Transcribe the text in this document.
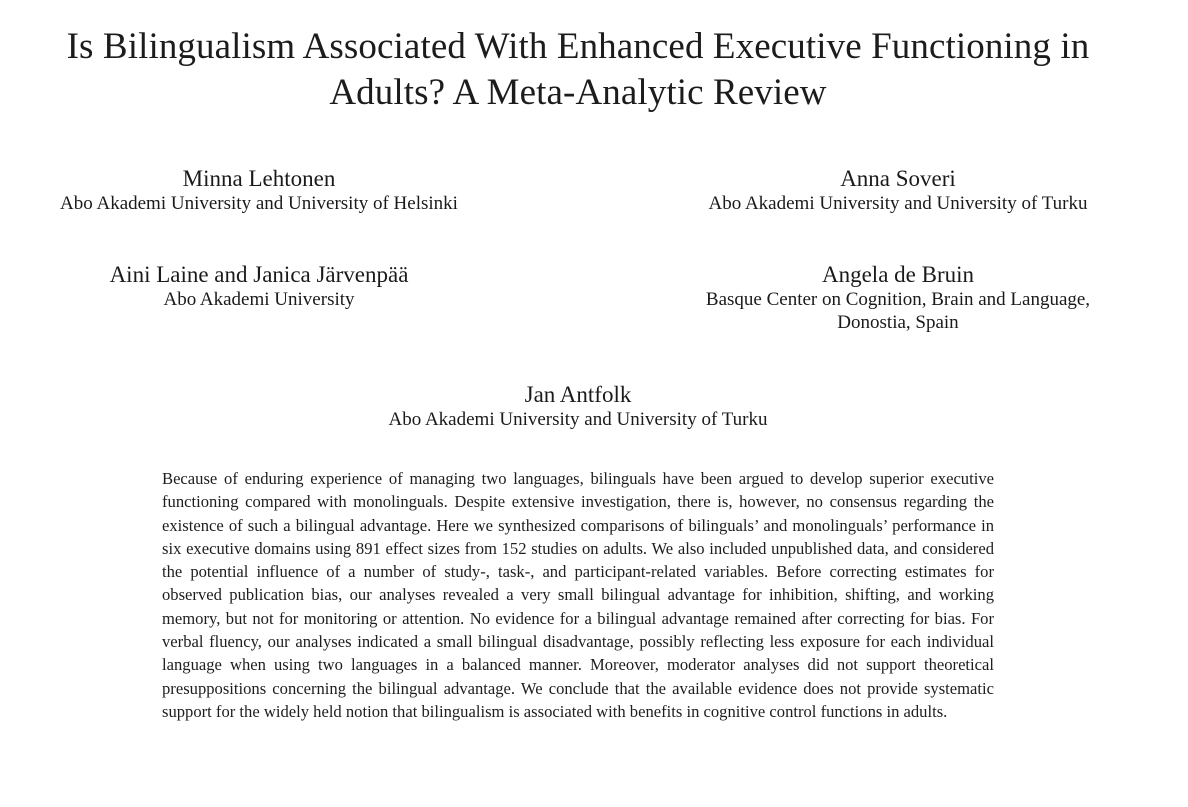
Is Bilingualism Associated With Enhanced Executive Functioning in
Adults? A Meta-Analytic Review
Minna Lehtonen
Abo Akademi University and University of Helsinki
Anna Soveri
Abo Akademi University and University of Turku
Aini Laine and Janica Järvenpää
Abo Akademi University
Angela de Bruin
Basque Center on Cognition, Brain and Language,
Donostia, Spain
Jan Antfolk
Abo Akademi University and University of Turku

Because of enduring experience of managing two languages, bilinguals have been argued to develop superior executive functioning compared with monolinguals. Despite extensive investigation, there is, however, no consensus regarding the existence of such a bilingual advantage. Here we synthesized comparisons of bilinguals’ and monolinguals’ performance in six executive domains using 891 effect sizes from 152 studies on adults. We also included unpublished data, and considered the potential influence of a number of study-, task-, and participant-related variables. Before correcting estimates for observed publication bias, our analyses revealed a very small bilingual advantage for inhibition, shifting, and working memory, but not for monitoring or attention. No evidence for a bilingual advantage remained after correcting for bias. For verbal fluency, our analyses indicated a small bilingual disadvantage, possibly reflecting less exposure for each individual language when using two languages in a balanced manner. Moreover, moderator analyses did not support theoretical presuppositions concerning the bilingual advantage. We conclude that the available evidence does not provide systematic support for the widely held notion that bilingualism is associated with benefits in cognitive control functions in adults.
